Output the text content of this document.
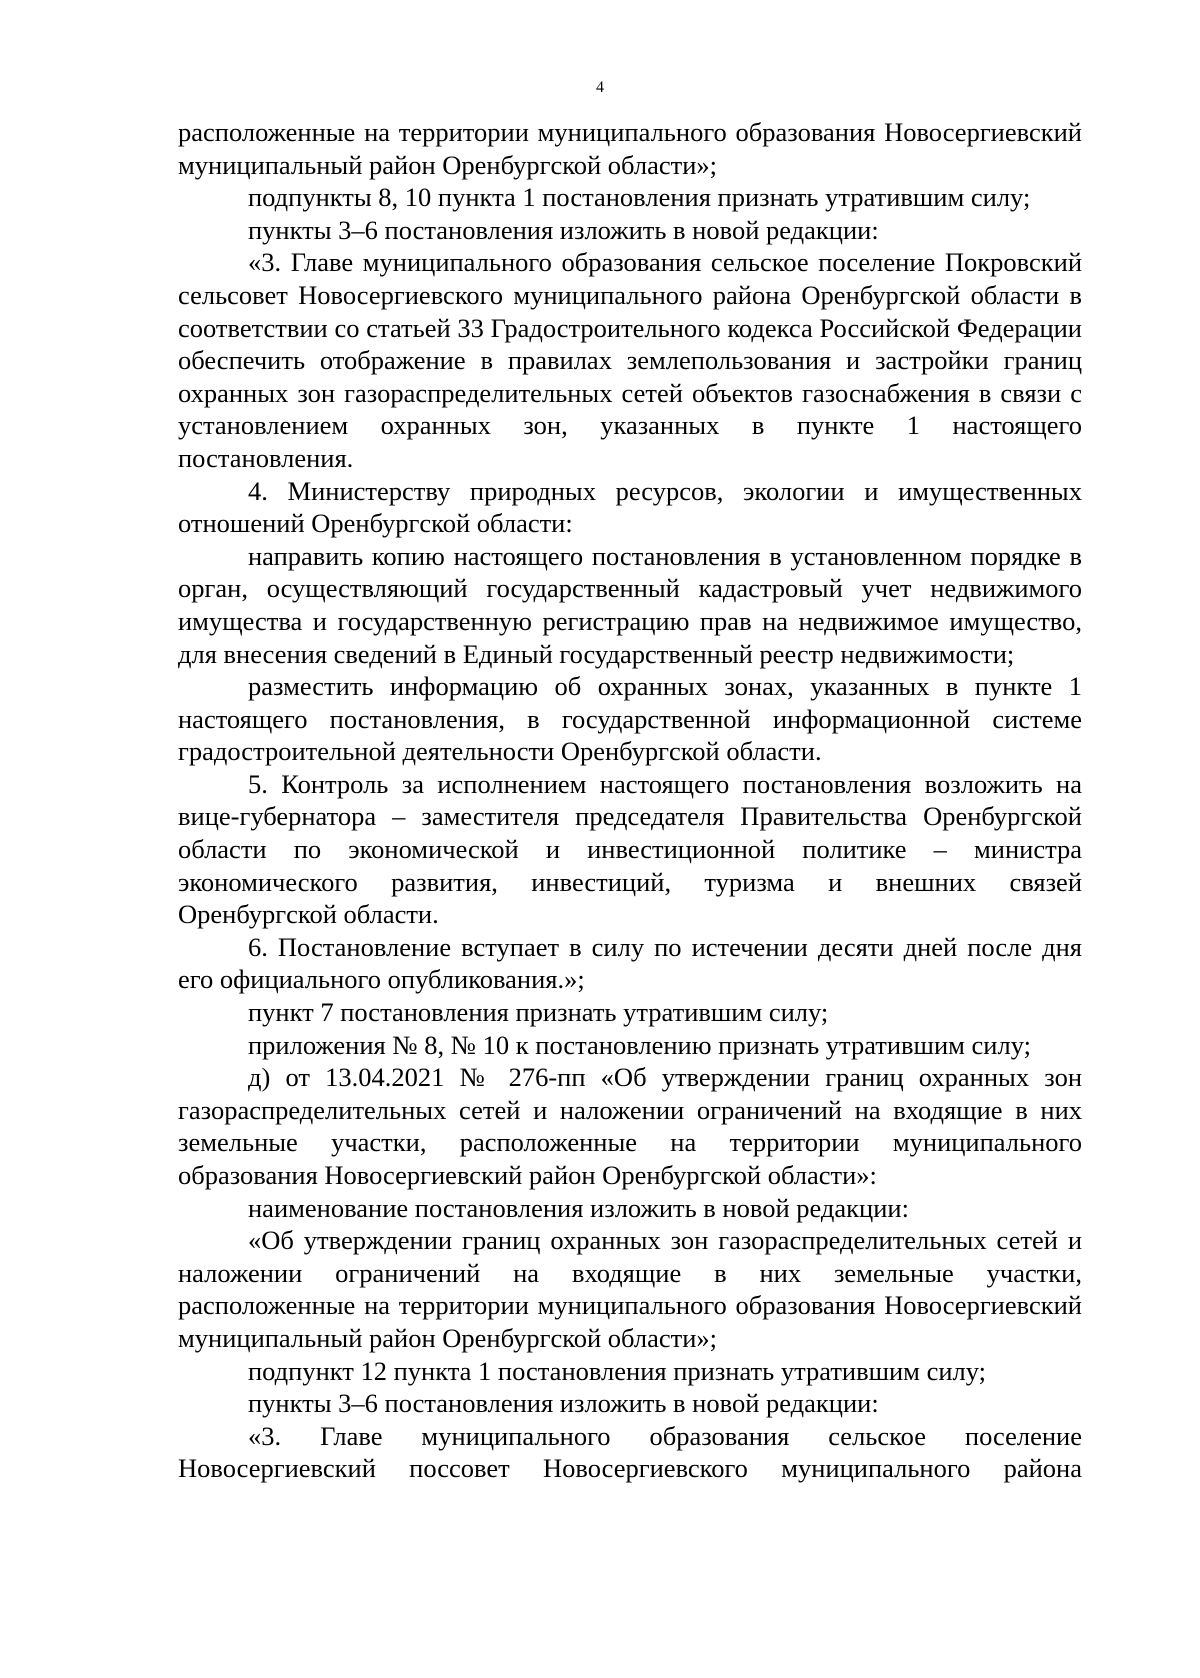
4

расположенные на территории муниципального образования Новосергиевский муниципальный район Оренбургской области»;

подпункты 8, 10 пункта 1 постановления признать утратившим силу;

пункты 3–6 постановления изложить в новой редакции:

«3. Главе муниципального образования сельское поселение Покровский сельсовет Новосергиевского муниципального района Оренбургской области в соответствии со статьей 33 Градостроительного кодекса Российской Федерации обеспечить отображение в правилах землепользования и застройки границ охранных зон газораспределительных сетей объектов газоснабжения в связи с установлением охранных зон, указанных в пункте 1 настоящего постановления.

4. Министерству природных ресурсов, экологии и имущественных отношений Оренбургской области:

направить копию настоящего постановления в установленном порядке в орган, осуществляющий государственный кадастровый учет недвижимого имущества и государственную регистрацию прав на недвижимое имущество, для внесения сведений в Единый государственный реестр недвижимости;

разместить информацию об охранных зонах, указанных в пункте 1 настоящего постановления, в государственной информационной системе градостроительной деятельности Оренбургской области.

5. Контроль за исполнением настоящего постановления возложить на вице-губернатора – заместителя председателя Правительства Оренбургской области по экономической и инвестиционной политике – министра экономического развития, инвестиций, туризма и внешних связей Оренбургской области.

6. Постановление вступает в силу по истечении десяти дней после дня его официального опубликования.»;

пункт 7 постановления признать утратившим силу;

приложения № 8, № 10 к постановлению признать утратившим силу;

д) от 13.04.2021 № 276-пп «Об утверждении границ охранных зон газораспределительных сетей и наложении ограничений на входящие в них земельные участки, расположенные на территории муниципального образования Новосергиевский район Оренбургской области»:

наименование постановления изложить в новой редакции:

«Об утверждении границ охранных зон газораспределительных сетей и наложении ограничений на входящие в них земельные участки, расположенные на территории муниципального образования Новосергиевский муниципальный район Оренбургской области»;

подпункт 12 пункта 1 постановления признать утратившим силу;

пункты 3–6 постановления изложить в новой редакции:

«3. Главе муниципального образования сельское поселение Новосергиевский поссовет Новосергиевского муниципального района
